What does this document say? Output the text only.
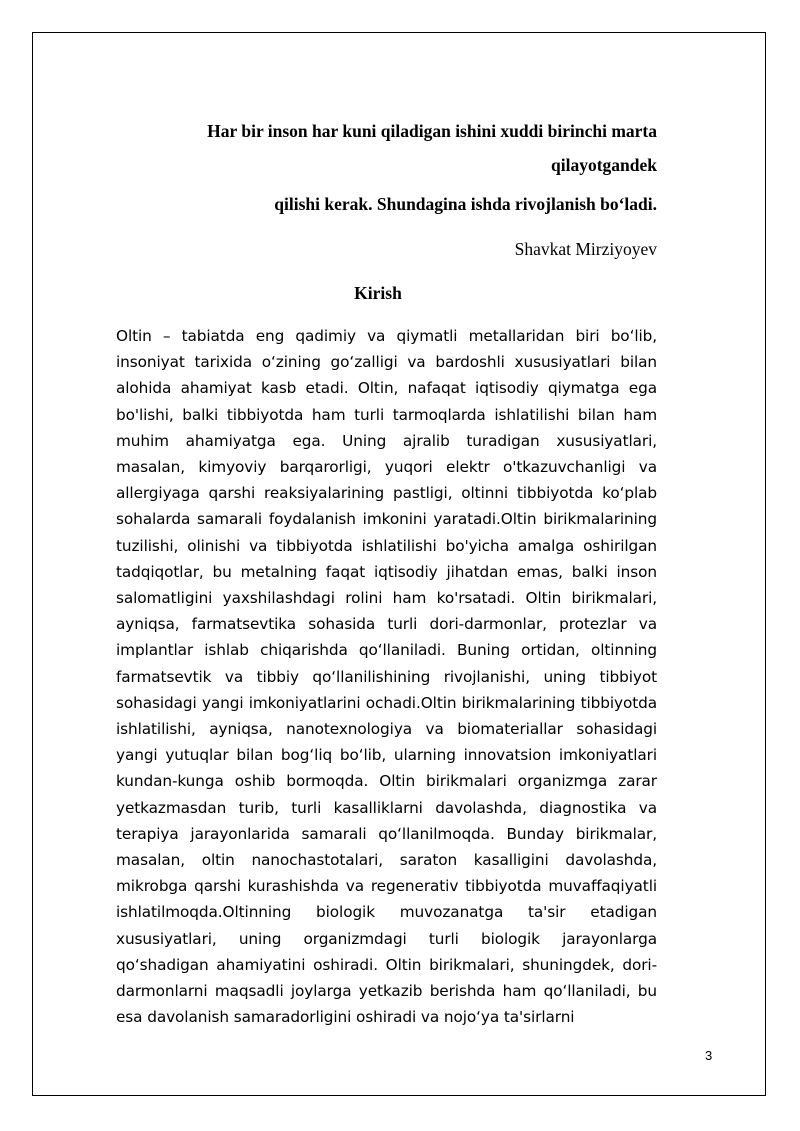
Har bir inson har kuni qiladigan ishini xuddi birinchi marta qilayotgandek

qilishi kerak. Shundagina ishda rivojlanish boʻladi.

Shavkat Mirziyoyev
Kirish

Oltin – tabiatda eng qadimiy va qiymatli metallaridan biri boʻlib, insoniyat tarixida oʻzining goʻzalligi va bardoshli xususiyatlari bilan alohida ahamiyat kasb etadi. Oltin, nafaqat iqtisodiy qiymatga ega bo'lishi, balki tibbiyotda ham turli tarmoqlarda ishlatilishi bilan ham muhim ahamiyatga ega. Uning ajralib turadigan xususiyatlari, masalan, kimyoviy barqarorligi, yuqori elektr o'tkazuvchanligi va allergiyaga qarshi reaksiyalarining pastligi, oltinni tibbiyotda koʻplab sohalarda samarali foydalanish imkonini yaratadi.Oltin birikmalarining tuzilishi, olinishi va tibbiyotda ishlatilishi bo'yicha amalga oshirilgan tadqiqotlar, bu metalning faqat iqtisodiy jihatdan emas, balki inson salomatligini yaxshilashdagi rolini ham ko'rsatadi. Oltin birikmalari, ayniqsa, farmatsevtika sohasida turli dori-darmonlar, protezlar va implantlar ishlab chiqarishda qoʻllaniladi. Buning ortidan, oltinning farmatsevtik va tibbiy qoʻllanilishining rivojlanishi, uning tibbiyot sohasidagi yangi imkoniyatlarini ochadi.Oltin birikmalarining tibbiyotda ishlatilishi, ayniqsa, nanotexnologiya va biomateriallar sohasidagi yangi yutuqlar bilan bogʻliq boʻlib, ularning innovatsion imkoniyatlari kundan-kunga oshib bormoqda. Oltin birikmalari organizmga zarar yetkazmasdan turib, turli kasalliklarni davolashda, diagnostika va terapiya jarayonlarida samarali qoʻllanilmoqda. Bunday birikmalar, masalan, oltin nanochastotalari, saraton kasalligini davolashda, mikrobga qarshi kurashishda va regenerativ tibbiyotda muvaffaqiyatli ishlatilmoqda.Oltinning biologik muvozanatga ta'sir etadigan xususiyatlari, uning organizmdagi turli biologik jarayonlarga qoʻshadigan ahamiyatini oshiradi. Oltin birikmalari, shuningdek, dori-darmonlarni maqsadli joylarga yetkazib berishda ham qoʻllaniladi, bu esa davolanish samaradorligini oshiradi va nojoʻya ta'sirlarni

3
